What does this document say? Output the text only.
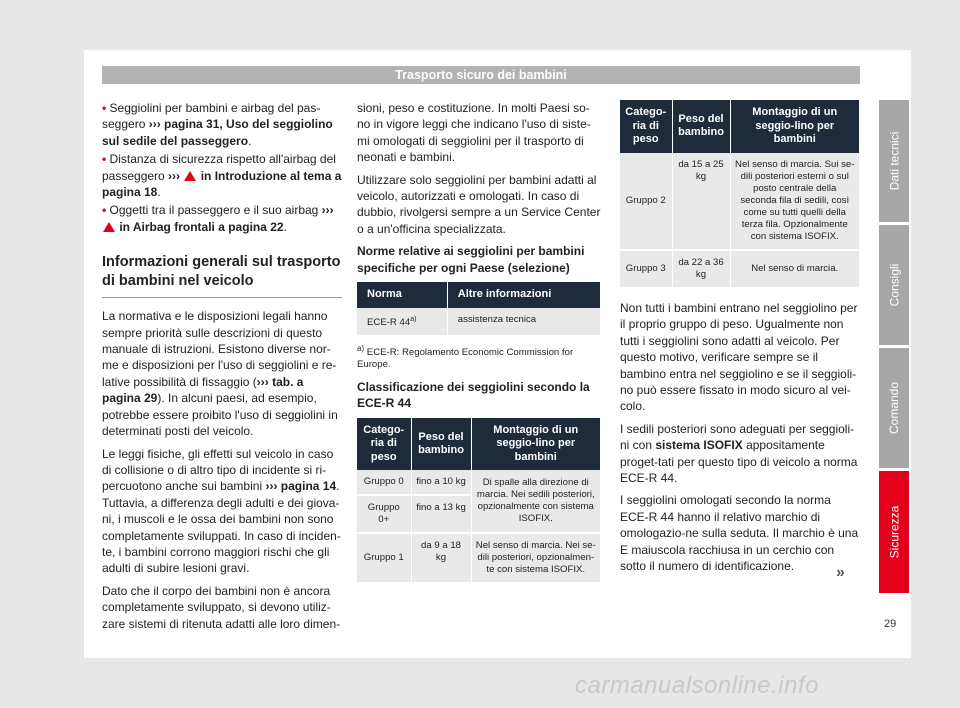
Trasporto sicuro dei bambini
• Seggiolini per bambini e airbag del pas-seggero ››› pagina 31, Uso del seggiolino sul sedile del passeggero.
• Distanza di sicurezza rispetto all'airbag del passeggero ›››  in Introduzione al tema a pagina 18.
• Oggetti tra il passeggero e il suo airbag ›››  in Airbag frontali a pagina 22.
Informazioni generali sul trasporto di bambini nel veicolo

La normativa e le disposizioni legali hanno sempre priorità sulle descrizioni di questo manuale di istruzioni. Esistono diverse nor-me e disposizioni per l'uso di seggiolini e re-lative possibilità di fissaggio (››› tab. a pagina 29). In alcuni paesi, ad esempio, potrebbe essere proibito l'uso di seggiolini in determinati posti del veicolo.

Le leggi fisiche, gli effetti sul veicolo in caso di collisione o di altro tipo di incidente si ri-percuotono anche sui bambini ››› pagina 14. Tuttavia, a differenza degli adulti e dei giova-ni, i muscoli e le ossa dei bambini non sono completamente sviluppati. In caso di inciden-te, i bambini corrono maggiori rischi che gli adulti di subire lesioni gravi.

Dato che il corpo dei bambini non è ancora completamente sviluppato, si devono utiliz-zare sistemi di ritenuta adatti alle loro dimen-

sioni, peso e costituzione. In molti Paesi so-no in vigore leggi che indicano l'uso di siste-mi omologati di seggiolini per il trasporto di neonati e bambini.

Utilizzare solo seggiolini per bambini adatti al veicolo, autorizzati e omologati. In caso di dubbio, rivolgersi sempre a un Service Center o a un'officina specializzata.

Norme relative ai seggiolini per bambini specifiche per ogni Paese (selezione)
Norma	Altre informazioni
ECE-R 44$^{a)}$	assistenza tecnica
$^{a)}$ ECE-R: Regolamento Economic Commission for Europe.
Classificazione dei seggiolini secondo la ECE-R 44
Catego-ria di peso	Peso del bambino	Montaggio di un seggio-lino per bambini
Gruppo 0	fino a 10 kg	Di spalle alla direzione di marcia. Nei sedili posteriori, opzionalmente con sistema ISOFIX.
Gruppo 0+	fino a 13 kg	
Gruppo 1	da 9 a 18 kg	Nel senso di marcia. Nei se-dili posteriori, opzionalmen-te con sistema ISOFIX.
Catego-ria di peso	Peso del bambino	Montaggio di un seggio-lino per bambini
Gruppo 2	da 15 a 25 kg	Nel senso di marcia. Sui se-dili posteriori esterni o sul posto centrale della seconda fila di sedili, così come su tutti quelli della terza fila. Opzionalmente con sistema ISOFIX.
Gruppo 3	da 22 a 36 kg	Nel senso di marcia.

Non tutti i bambini entrano nel seggiolino per il proprio gruppo di peso. Ugualmente non tutti i seggiolini sono adatti al veicolo. Per questo motivo, verificare sempre se il bambino entra nel seggiolino e se il seggioli-no può essere fissato in modo sicuro al vei-colo.

I sedili posteriori sono adeguati per seggioli-ni con sistema ISOFIX appositamente proget-tati per questo tipo di veicolo a norma ECE-R 44.

I seggiolini omologati secondo la norma ECE-R 44 hanno il relativo marchio di omologazio-ne sulla seduta. Il marchio è una E maiuscola racchiusa in un cerchio con sotto il numero di identificazione.	»
Dati tecnici
Consigli
Comando
Sicurezza
29
carmanualsonline.info
